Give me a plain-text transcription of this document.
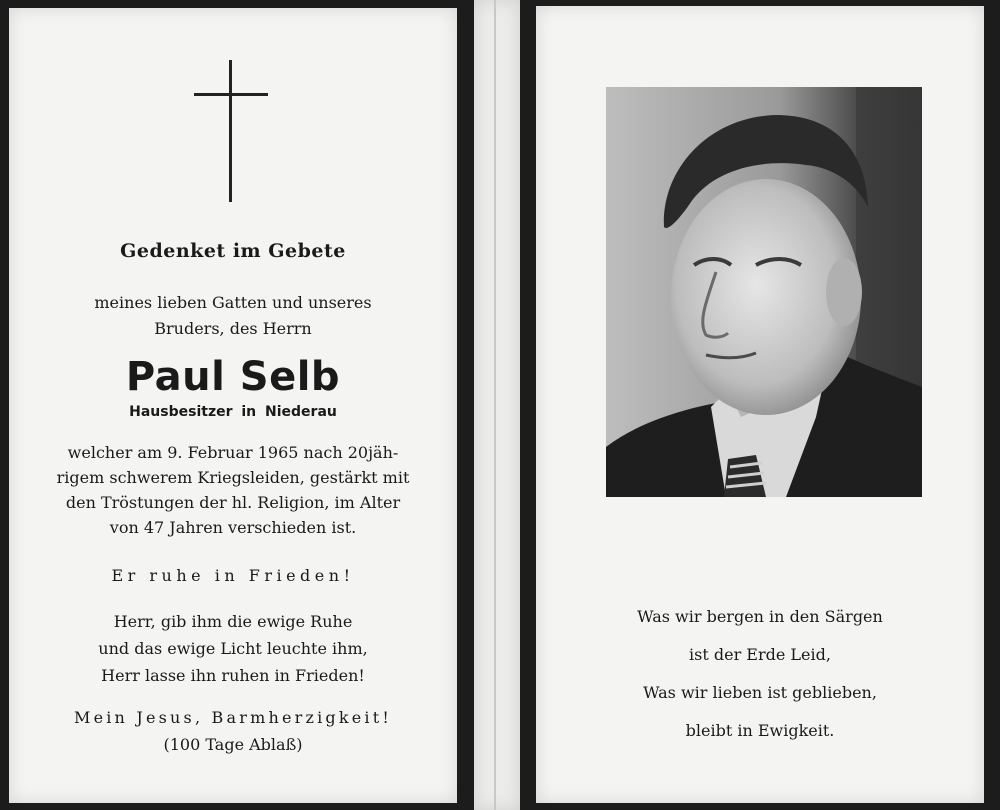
Gedenket im Gebete
meines lieben Gatten und unseres
Bruders, des Herrn
Paul Selb
Hausbesitzer in Niederau
welcher am 9. Februar 1965 nach 20jäh-
rigem schwerem Kriegsleiden, gestärkt mit
den Tröstungen der hl. Religion, im Alter
von 47 Jahren verschieden ist.
Er ruhe in Frieden!
Herr, gib ihm die ewige Ruhe
und das ewige Licht leuchte ihm,
Herr lasse ihn ruhen in Frieden!
Mein Jesus, Barmherzigkeit!
(100 Tage Ablaß)
Was wir bergen in den Särgen
ist der Erde Leid,
Was wir lieben ist geblieben,
bleibt in Ewigkeit.
